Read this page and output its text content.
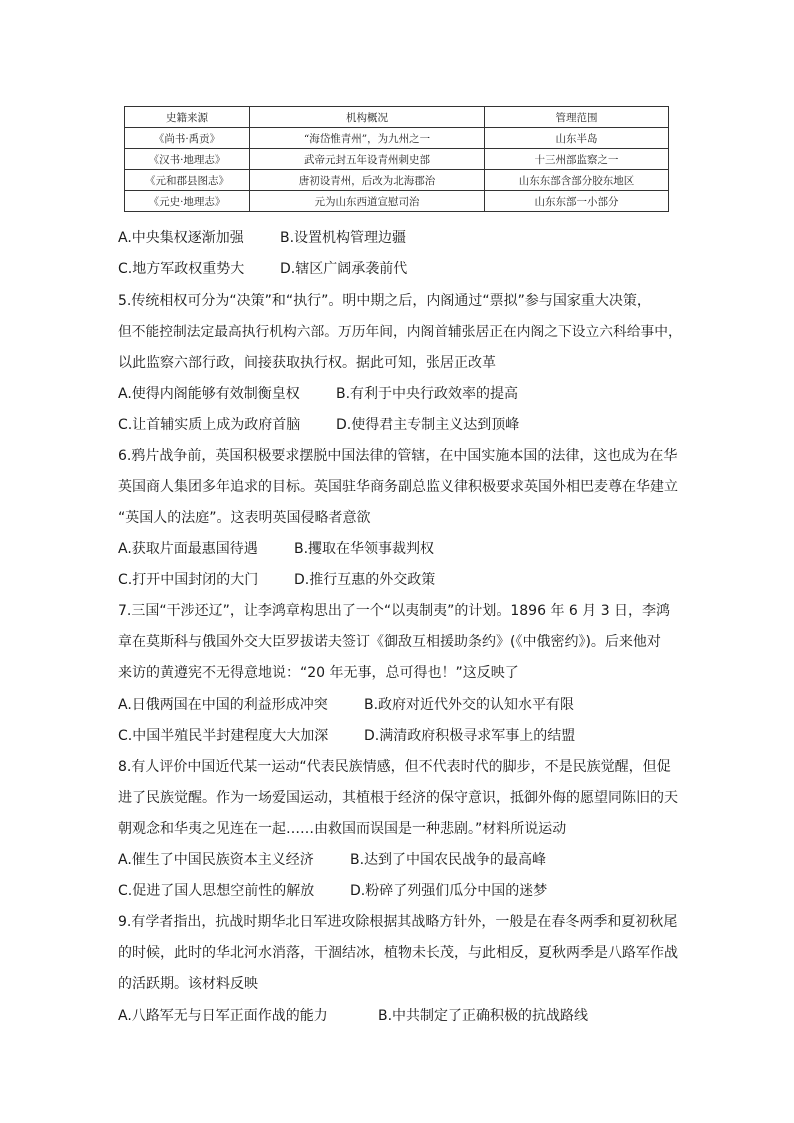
史籍来源	机构概况	管理范围
《尚书·禹贡》	“海岱惟青州”，为九州之一	山东半岛
《汉书·地理志》	武帝元封五年设青州刺史部	十三州部监察之一
《元和郡县图志》	唐初设青州，后改为北海郡治	山东东部含部分胶东地区
《元史·地理志》	元为山东西道宣慰司治	山东东部一小部分
A.中央集权逐渐加强	B.设置机构管理边疆
C.地方军政权重势大	D.辖区广阔承袭前代
5.传统相权可分为“决策”和“执行”。明中期之后，内阁通过“票拟”参与国家重大决策，
但不能控制法定最高执行机构六部。万历年间，内阁首辅张居正在内阁之下设立六科给事中，
以此监察六部行政，间接获取执行权。据此可知，张居正改革
A.使得内阁能够有效制衡皇权	B.有利于中央行政效率的提高
C.让首辅实质上成为政府首脑	D.使得君主专制主义达到顶峰
6.鸦片战争前，英国积极要求摆脱中国法律的管辖，在中国实施本国的法律，这也成为在华
英国商人集团多年追求的目标。英国驻华商务副总监义律积极要求英国外相巴麦尊在华建立
“英国人的法庭”。这表明英国侵略者意欲
A.获取片面最惠国待遇	B.攫取在华领事裁判权
C.打开中国封闭的大门	D.推行互惠的外交政策
7.三国“干涉还辽”，让李鸿章构思出了一个“以夷制夷”的计划。1896 年 6 月 3 日，李鸿
章在莫斯科与俄国外交大臣罗拔诺夫签订《御敌互相援助条约》(《中俄密约》)。后来他对
来访的黄遵宪不无得意地说：“20 年无事，总可得也！”这反映了
A.日俄两国在中国的利益形成冲突	B.政府对近代外交的认知水平有限
C.中国半殖民半封建程度大大加深	D.满清政府积极寻求军事上的结盟
8.有人评价中国近代某一运动“代表民族情感，但不代表时代的脚步，不是民族觉醒，但促
进了民族觉醒。作为一场爱国运动，其植根于经济的保守意识，抵御外侮的愿望同陈旧的天
朝观念和华夷之见连在一起……由救国而误国是一种悲剧。”材料所说运动
A.催生了中国民族资本主义经济	B.达到了中国农民战争的最高峰
C.促进了国人思想空前性的解放	D.粉碎了列强们瓜分中国的迷梦
9.有学者指出，抗战时期华北日军进攻除根据其战略方针外，一般是在春冬两季和夏初秋尾
的时候，此时的华北河水消落，干涸结冰，植物未长茂，与此相反，夏秋两季是八路军作战
的活跃期。该材料反映
A.八路军无与日军正面作战的能力	B.中共制定了正确积极的抗战路线
